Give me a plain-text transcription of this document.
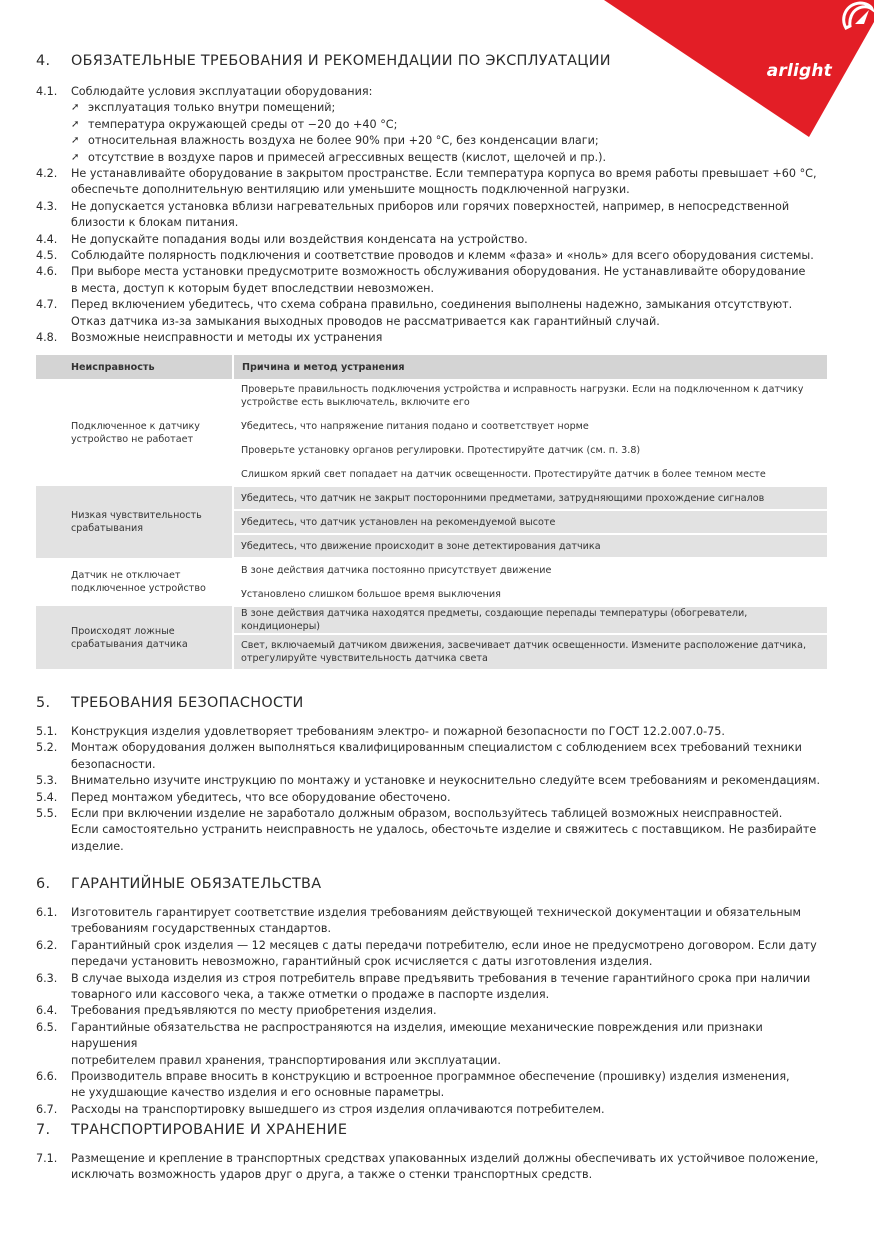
arlight
4. ОБЯЗАТЕЛЬНЫЕ ТРЕБОВАНИЯ И РЕКОМЕНДАЦИИ ПО ЭКСПЛУАТАЦИИ
4.1.	Соблюдайте условия эксплуатации оборудования:
➚ эксплуатация только внутри помещений;
➚ температура окружающей среды от −20 до +40 °C;
➚ относительная влажность воздуха не более 90% при +20 °C, без конденсации влаги;
➚ отсутствие в воздухе паров и примесей агрессивных веществ (кислот, щелочей и пр.).
4.2.	Не устанавливайте оборудование в закрытом пространстве. Если температура корпуса во время работы превышает +60 °C,
обеспечьте дополнительную вентиляцию или уменьшите мощность подключенной нагрузки.
4.3.	Не допускается установка вблизи нагревательных приборов или горячих поверхностей, например, в непосредственной
близости к блокам питания.
4.4.	Не допускайте попадания воды или воздействия конденсата на устройство.
4.5.	Соблюдайте полярность подключения и соответствие проводов и клемм «фаза» и «ноль» для всего оборудования системы.
4.6.	При выборе места установки предусмотрите возможность обслуживания оборудования. Не устанавливайте оборудование
в места, доступ к которым будет впоследствии невозможен.
4.7.	Перед включением убедитесь, что схема собрана правильно, соединения выполнены надежно, замыкания отсутствуют.
Отказ датчика из-за замыкания выходных проводов не рассматривается как гарантийный случай.
4.8.	Возможные неисправности и методы их устранения
Неисправность	Причина и метод устранения
Подключенное к датчику устройство не работает	Проверьте правильность подключения устройства и исправность нагрузки. Если на подключенном к датчику устройстве есть выключатель, включите его
	Убедитесь, что напряжение питания подано и соответствует норме
	Проверьте установку органов регулировки. Протестируйте датчик (см. п. 3.8)
	Слишком яркий свет попадает на датчик освещенности. Протестируйте датчик в более темном месте
Низкая чувствительность срабатывания	Убедитесь, что датчик не закрыт посторонними предметами, затрудняющими прохождение сигналов
	Убедитесь, что датчик установлен на рекомендуемой высоте
	Убедитесь, что движение происходит в зоне детектирования датчика
Датчик не отключает подключенное устройство	В зоне действия датчика постоянно присутствует движение
	Установлено слишком большое время выключения
Происходят ложные срабатывания датчика	В зоне действия датчика находятся предметы, создающие перепады температуры (обогреватели, кондиционеры)
	Свет, включаемый датчиком движения, засвечивает датчик освещенности. Измените расположение датчика, отрегулируйте чувствительность датчика света
5. ТРЕБОВАНИЯ БЕЗОПАСНОСТИ
5.1.	Конструкция изделия удовлетворяет требованиям электро- и пожарной безопасности по ГОСТ 12.2.007.0-75.
5.2.	Монтаж оборудования должен выполняться квалифицированным специалистом с соблюдением всех требований техники
безопасности.
5.3.	Внимательно изучите инструкцию по монтажу и установке и неукоснительно следуйте всем требованиям и рекомендациям.
5.4.	Перед монтажом убедитесь, что все оборудование обесточено.
5.5.	Если при включении изделие не заработало должным образом, воспользуйтесь таблицей возможных неисправностей.
Если самостоятельно устранить неисправность не удалось, обесточьте изделие и свяжитесь с поставщиком. Не разбирайте
изделие.
6. ГАРАНТИЙНЫЕ ОБЯЗАТЕЛЬСТВА
6.1.	Изготовитель гарантирует соответствие изделия требованиям действующей технической документации и обязательным
требованиям государственных стандартов.
6.2.	Гарантийный срок изделия — 12 месяцев с даты передачи потребителю, если иное не предусмотрено договором. Если дату
передачи установить невозможно, гарантийный срок исчисляется с даты изготовления изделия.
6.3.	В случае выхода изделия из строя потребитель вправе предъявить требования в течение гарантийного срока при наличии
товарного или кассового чека, а также отметки о продаже в паспорте изделия.
6.4.	Требования предъявляются по месту приобретения изделия.
6.5.	Гарантийные обязательства не распространяются на изделия, имеющие механические повреждения или признаки нарушения
потребителем правил хранения, транспортирования или эксплуатации.
6.6.	Производитель вправе вносить в конструкцию и встроенное программное обеспечение (прошивку) изделия изменения,
не ухудшающие качество изделия и его основные параметры.
6.7.	Расходы на транспортировку вышедшего из строя изделия оплачиваются потребителем.
7. ТРАНСПОРТИРОВАНИЕ И ХРАНЕНИЕ
7.1.	Размещение и крепление в транспортных средствах упакованных изделий должны обеспечивать их устойчивое положение,
исключать возможность ударов друг о друга, а также о стенки транспортных средств.
